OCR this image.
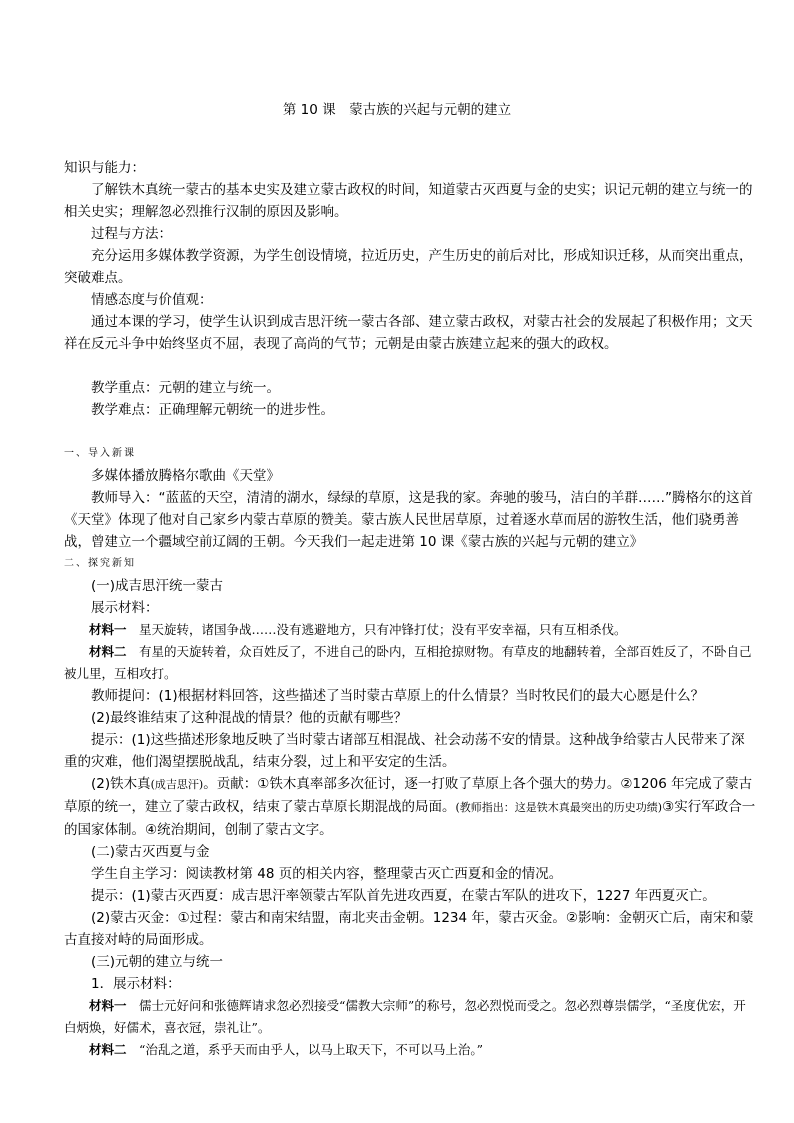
第 10 课　蒙古族的兴起与元朝的建立

知识与能力：

了解铁木真统一蒙古的基本史实及建立蒙古政权的时间，知道蒙古灭西夏与金的史实；识记元朝的建立与统一的相关史实；理解忽必烈推行汉制的原因及影响。

过程与方法：

充分运用多媒体教学资源，为学生创设情境，拉近历史，产生历史的前后对比，形成知识迁移，从而突出重点，突破难点。

情感态度与价值观：

通过本课的学习，使学生认识到成吉思汗统一蒙古各部、建立蒙古政权，对蒙古社会的发展起了积极作用；文天祥在反元斗争中始终坚贞不屈，表现了高尚的气节；元朝是由蒙古族建立起来的强大的政权。

教学重点：元朝的建立与统一。

教学难点：正确理解元朝统一的进步性。

一、导入新课

多媒体播放腾格尔歌曲《天堂》

教师导入：“蓝蓝的天空，清清的湖水，绿绿的草原，这是我的家。奔驰的骏马，洁白的羊群……”腾格尔的这首《天堂》体现了他对自己家乡内蒙古草原的赞美。蒙古族人民世居草原，过着逐水草而居的游牧生活，他们骁勇善战，曾建立一个疆域空前辽阔的王朝。今天我们一起走进第 10 课《蒙古族的兴起与元朝的建立》

二、探究新知

(一)成吉思汗统一蒙古

展示材料：

材料一　 星天旋转，诸国争战……没有逃避地方，只有冲锋打仗；没有平安幸福，只有互相杀伐。

材料二　 有星的天旋转着，众百姓反了，不进自己的卧内，互相抢掠财物。有草皮的地翻转着，全部百姓反了，不卧自己被儿里，互相攻打。

教师提问：(1)根据材料回答，这些描述了当时蒙古草原上的什么情景？当时牧民们的最大心愿是什么？

(2)最终谁结束了这种混战的情景？他的贡献有哪些？

提示：(1)这些描述形象地反映了当时蒙古诸部互相混战、社会动荡不安的情景。这种战争给蒙古人民带来了深重的灾难，他们渴望摆脱战乱，结束分裂，过上和平安定的生活。

(2)铁木真(成吉思汗)。贡献：①铁木真率部多次征讨，逐一打败了草原上各个强大的势力。②1206 年完成了蒙古草原的统一，建立了蒙古政权，结束了蒙古草原长期混战的局面。(教师指出：这是铁木真最突出的历史功绩)③实行军政合一的国家体制。④统治期间，创制了蒙古文字。

(二)蒙古灭西夏与金

学生自主学习：阅读教材第 48 页的相关内容，整理蒙古灭亡西夏和金的情况。

提示：(1)蒙古灭西夏：成吉思汗率领蒙古军队首先进攻西夏，在蒙古军队的进攻下，1227 年西夏灭亡。

(2)蒙古灭金：①过程：蒙古和南宋结盟，南北夹击金朝。1234 年，蒙古灭金。②影响：金朝灭亡后，南宋和蒙古直接对峙的局面形成。

(三)元朝的建立与统一

1．展示材料：

材料一　 儒士元好问和张德辉请求忽必烈接受“儒教大宗师”的称号，忽必烈悦而受之。忽必烈尊崇儒学，“圣度优宏，开白炳焕，好儒术，喜衣冠，崇礼让”。

材料二　 “治乱之道，系乎天而由乎人，以马上取天下，不可以马上治。”
